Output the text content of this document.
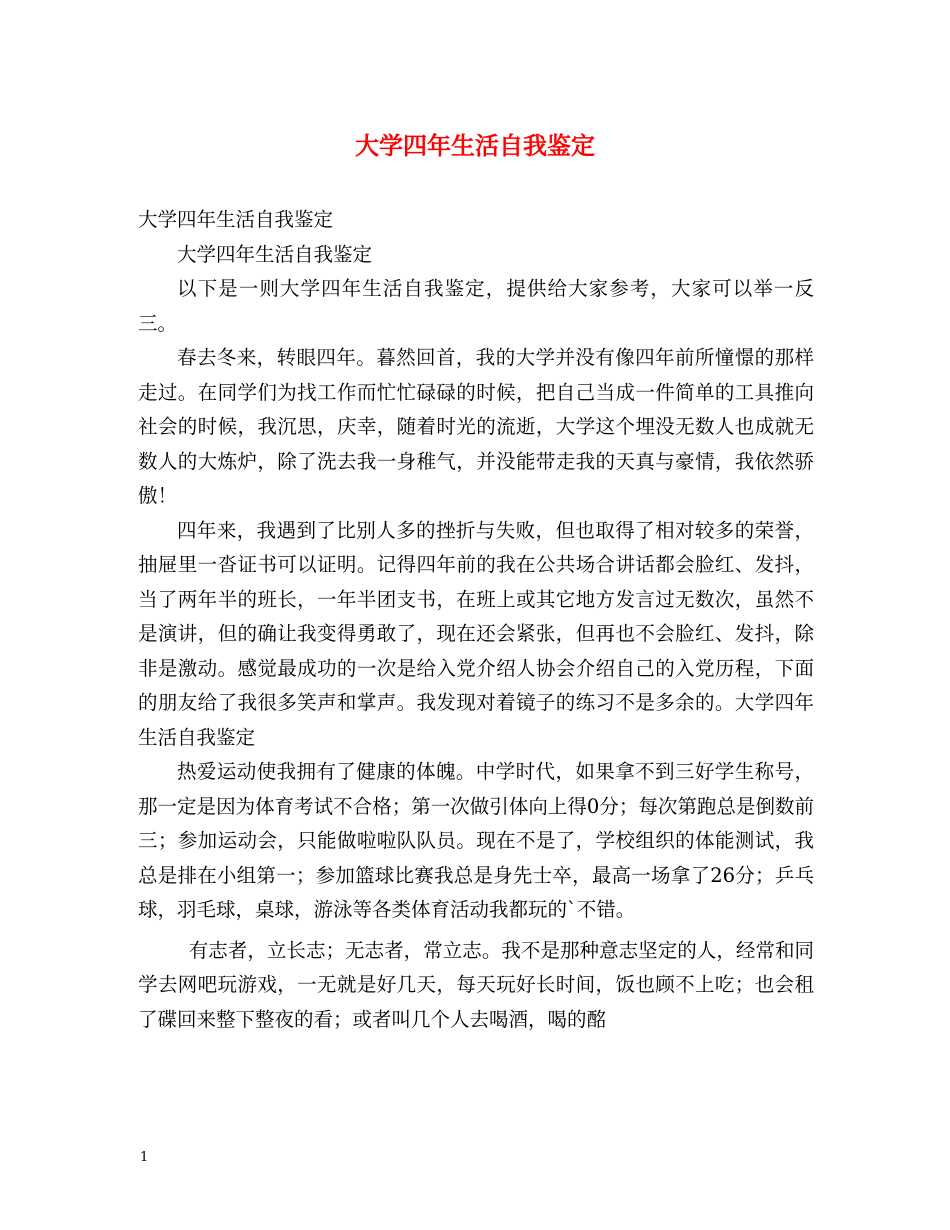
大学四年生活自我鉴定

大学四年生活自我鉴定

大学四年生活自我鉴定

以下是一则大学四年生活自我鉴定，提供给大家参考，大家可以举一反三。

春去冬来，转眼四年。暮然回首，我的大学并没有像四年前所憧憬的那样走过。在同学们为找工作而忙忙碌碌的时候，把自己当成一件简单的工具推向社会的时候，我沉思，庆幸，随着时光的流逝，大学这个埋没无数人也成就无数人的大炼炉，除了洗去我一身稚气，并没能带走我的天真与豪情，我依然骄傲！

四年来，我遇到了比别人多的挫折与失败，但也取得了相对较多的荣誉，抽屉里一沓证书可以证明。记得四年前的我在公共场合讲话都会脸红、发抖，当了两年半的班长，一年半团支书，在班上或其它地方发言过无数次，虽然不是演讲，但的确让我变得勇敢了，现在还会紧张，但再也不会脸红、发抖，除非是激动。感觉最成功的一次是给入党介绍人协会介绍自己的入党历程，下面的朋友给了我很多笑声和掌声。我发现对着镜子的练习不是多余的。大学四年生活自我鉴定

热爱运动使我拥有了健康的体魄。中学时代，如果拿不到三好学生称号，那一定是因为体育考试不合格；第一次做引体向上得0分；每次第跑总是倒数前三；参加运动会，只能做啦啦队队员。现在不是了，学校组织的体能测试，我总是排在小组第一；参加篮球比赛我总是身先士卒，最高一场拿了26分；乒乓球，羽毛球，桌球，游泳等各类体育活动我都玩的`不错。

有志者，立长志；无志者，常立志。我不是那种意志坚定的人，经常和同学去网吧玩游戏，一无就是好几天，每天玩好长时间，饭也顾不上吃；也会租了碟回来整下整夜的看；或者叫几个人去喝酒，喝的酩

1
